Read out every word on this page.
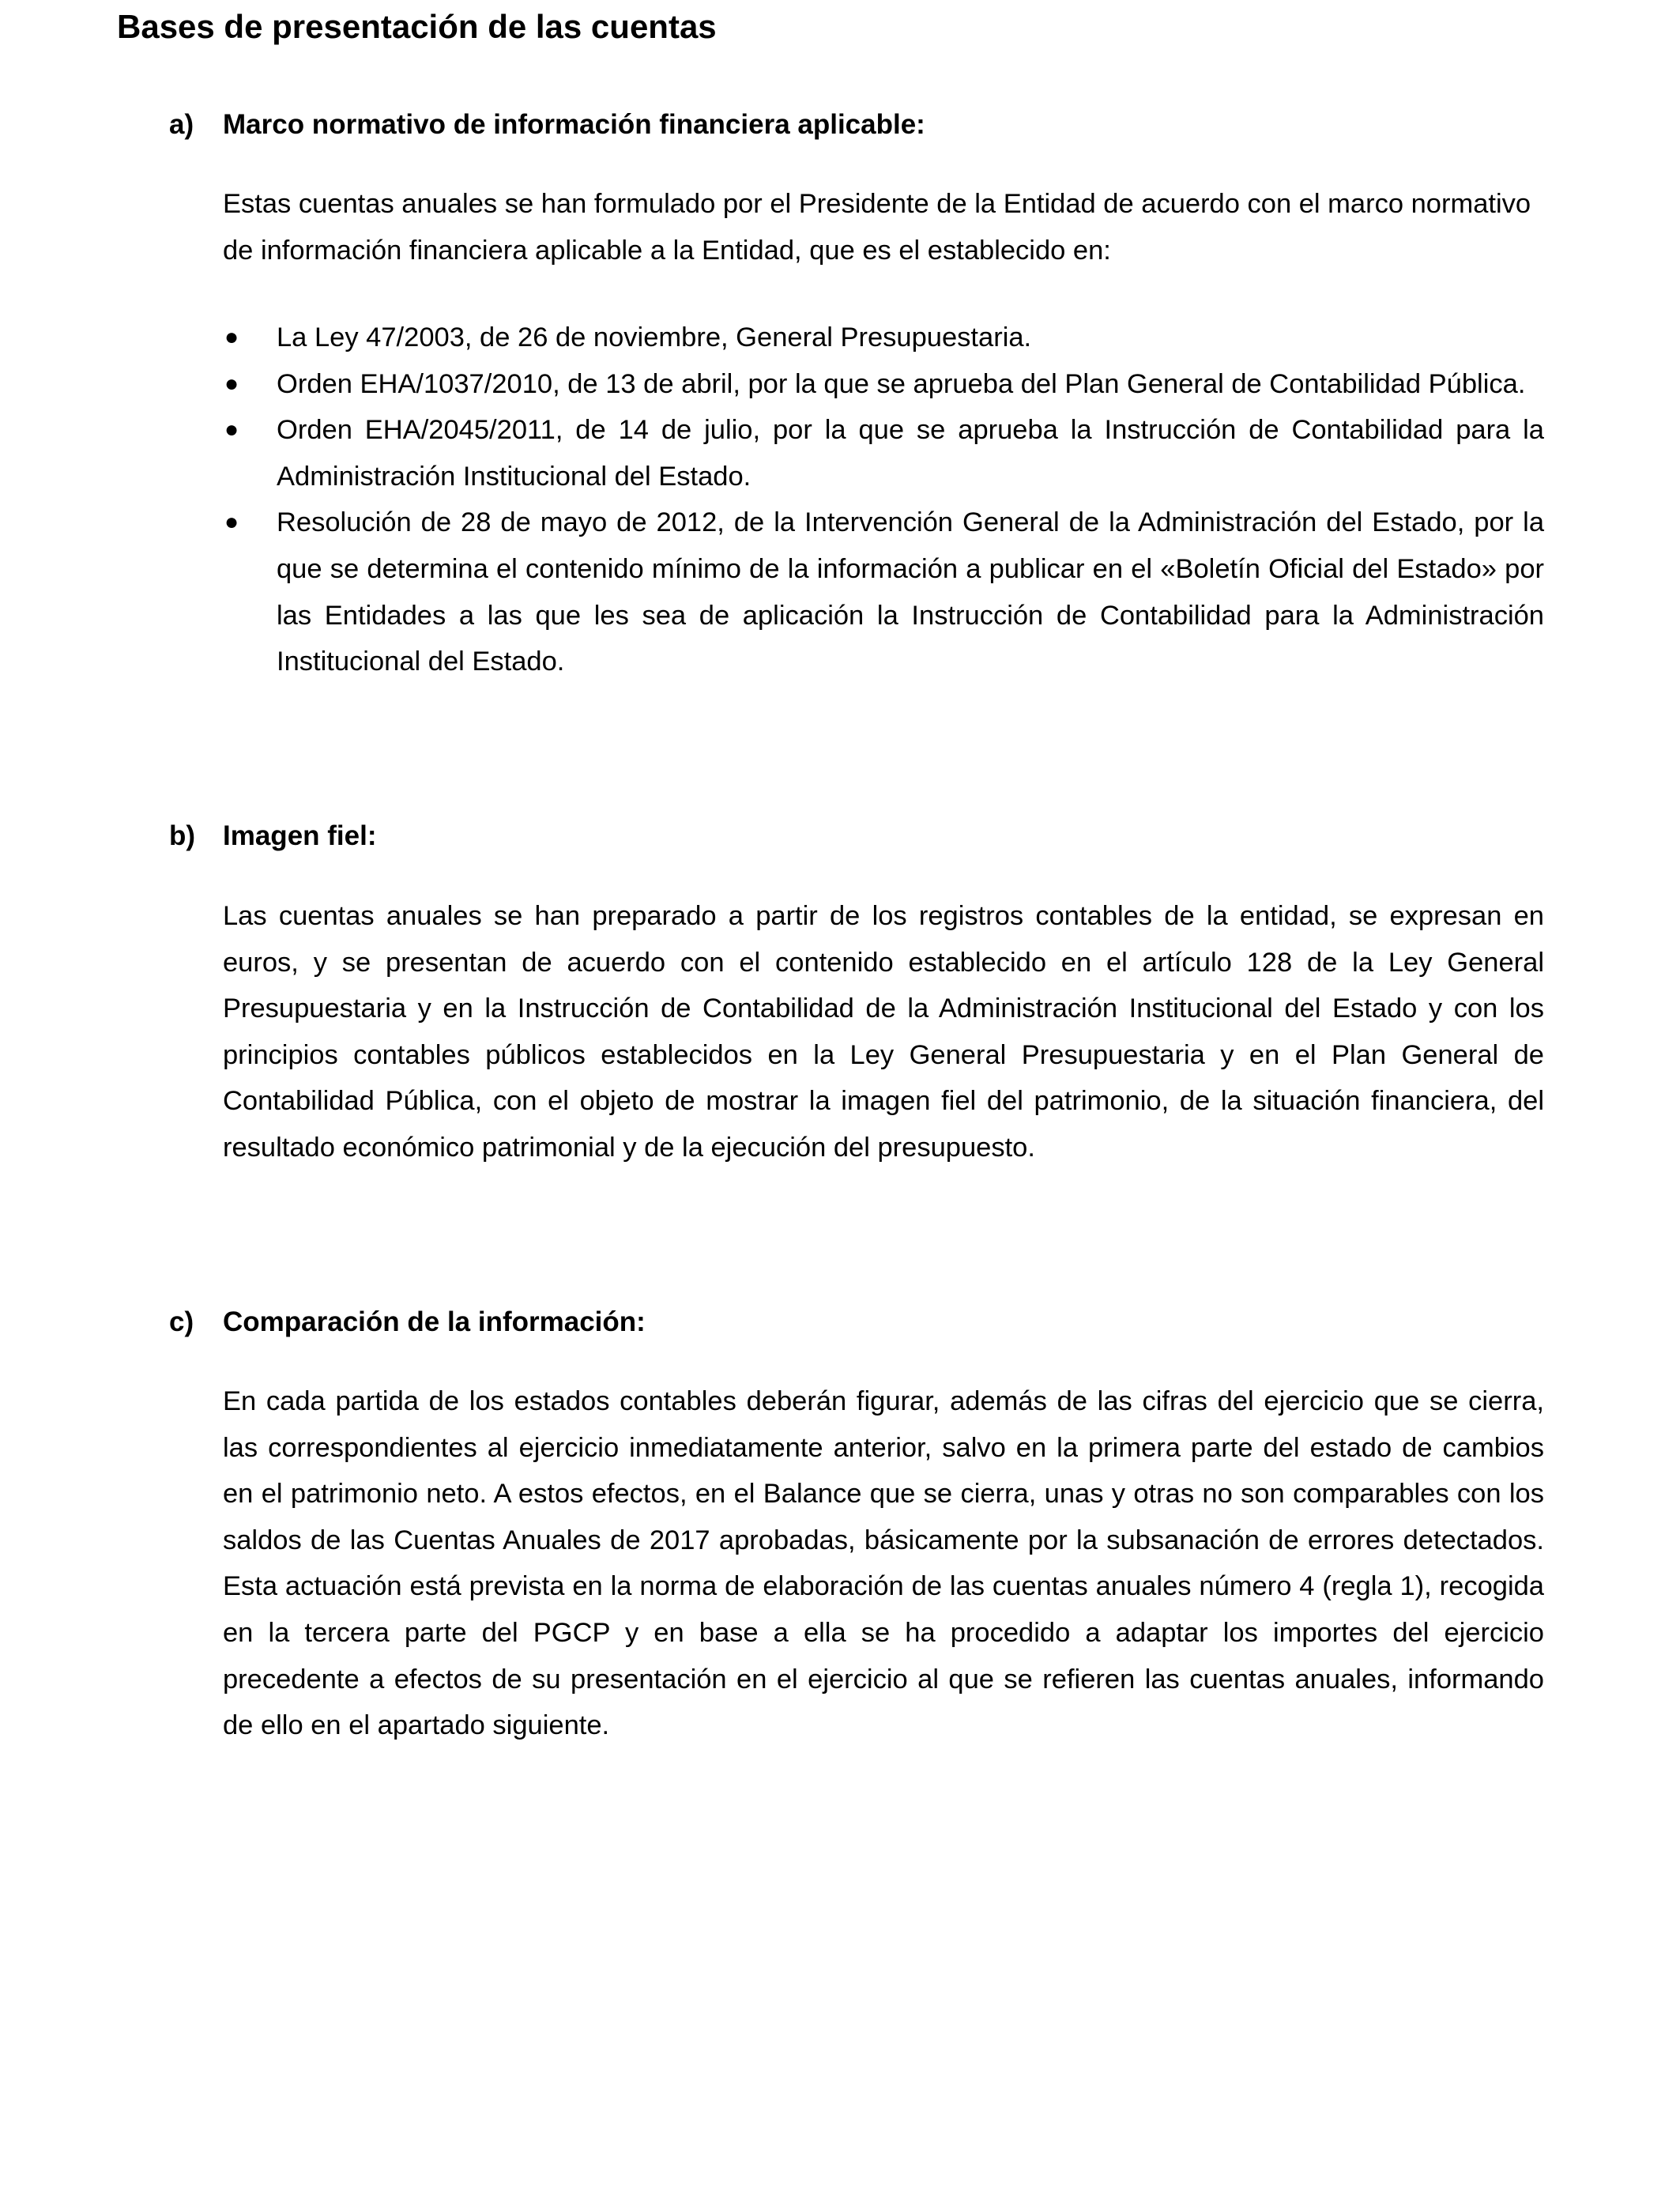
Bases de presentación de las cuentas
a) Marco normativo de información financiera aplicable:

Estas cuentas anuales se han formulado por el Presidente de la Entidad de acuerdo con el marco normativo de información financiera aplicable a la Entidad, que es el establecido en:

● La Ley 47/2003, de 26 de noviembre, General Presupuestaria.
● Orden EHA/1037/2010, de 13 de abril, por la que se aprueba del Plan General de Contabilidad Pública.
● Orden EHA/2045/2011, de 14 de julio, por la que se aprueba la Instrucción de Contabilidad para la Administración Institucional del Estado.
● Resolución de 28 de mayo de 2012, de la Intervención General de la Administración del Estado, por la que se determina el contenido mínimo de la información a publicar en el «Boletín Oficial del Estado» por las Entidades a las que les sea de aplicación la Instrucción de Contabilidad para la Administración Institucional del Estado.
b) Imagen fiel:

Las cuentas anuales se han preparado a partir de los registros contables de la entidad, se expresan en euros, y se presentan de acuerdo con el contenido establecido en el artículo 128 de la Ley General Presupuestaria y en la Instrucción de Contabilidad de la Administración Institucional del Estado y con los principios contables públicos establecidos en la Ley General Presupuestaria y en el Plan General de Contabilidad Pública, con el objeto de mostrar la imagen fiel del patrimonio, de la situación financiera, del resultado económico patrimonial y de la ejecución del presupuesto.

c) Comparación de la información:

En cada partida de los estados contables deberán figurar, además de las cifras del ejercicio que se cierra, las correspondientes al ejercicio inmediatamente anterior, salvo en la primera parte del estado de cambios en el patrimonio neto. A estos efectos, en el Balance que se cierra, unas y otras no son comparables con los saldos de las Cuentas Anuales de 2017 aprobadas, básicamente por la subsanación de errores detectados. Esta actuación está prevista en la norma de elaboración de las cuentas anuales número 4 (regla 1), recogida en la tercera parte del PGCP y en base a ella se ha procedido a adaptar los importes del ejercicio precedente a efectos de su presentación en el ejercicio al que se refieren las cuentas anuales, informando de ello en el apartado siguiente.
